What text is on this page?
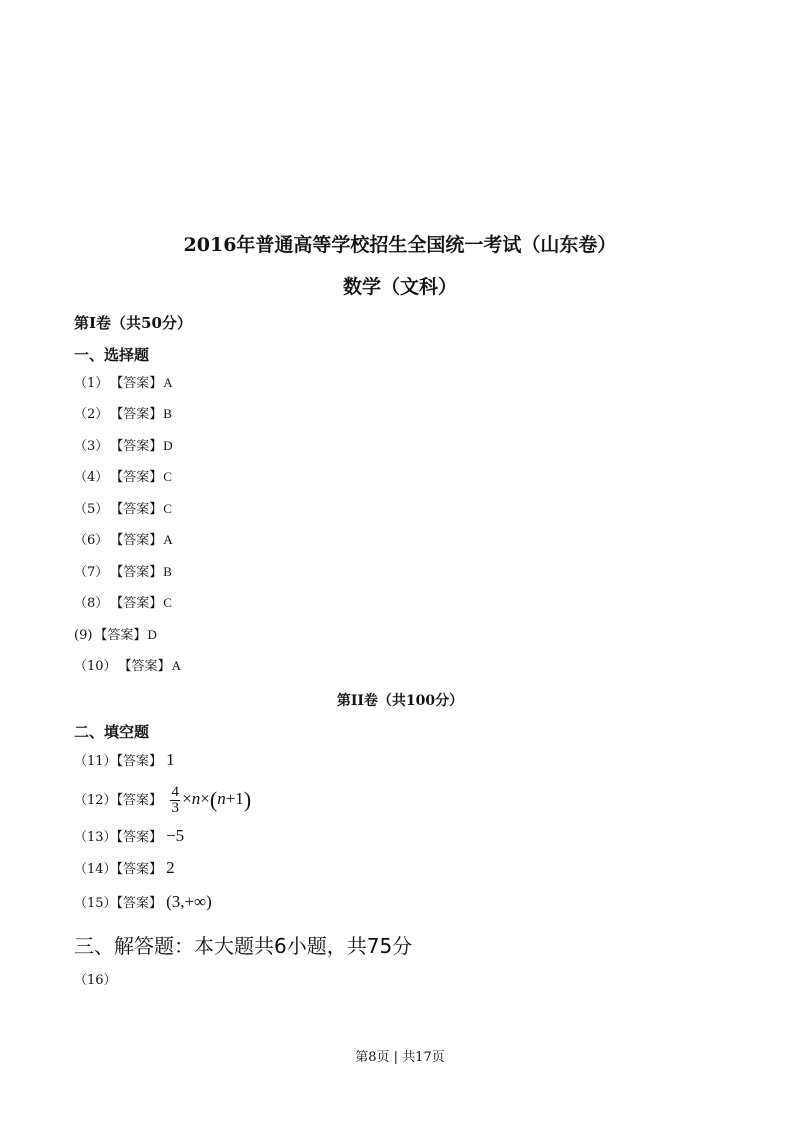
2016年普通高等学校招生全国统一考试（山东卷）
数学（文科）
第I卷（共50分）
一、选择题
（1） 【答案】A
（2） 【答案】B
（3） 【答案】D
（4） 【答案】C
（5） 【答案】C
（6） 【答案】A
（7） 【答案】B
（8） 【答案】C
(9) 【答案】D
（10） 【答案】A
第II卷（共100分）
二、填空题
（11）【答案】 1
（12）【答案】 $\frac{4}{3} \times n\times(n+1)$
（13）【答案】 −5
（14）【答案】 2
（15）【答案】 (3,+∞)
三、解答题：本大题共6小题，共75分
（16）
第8页 | 共17页
